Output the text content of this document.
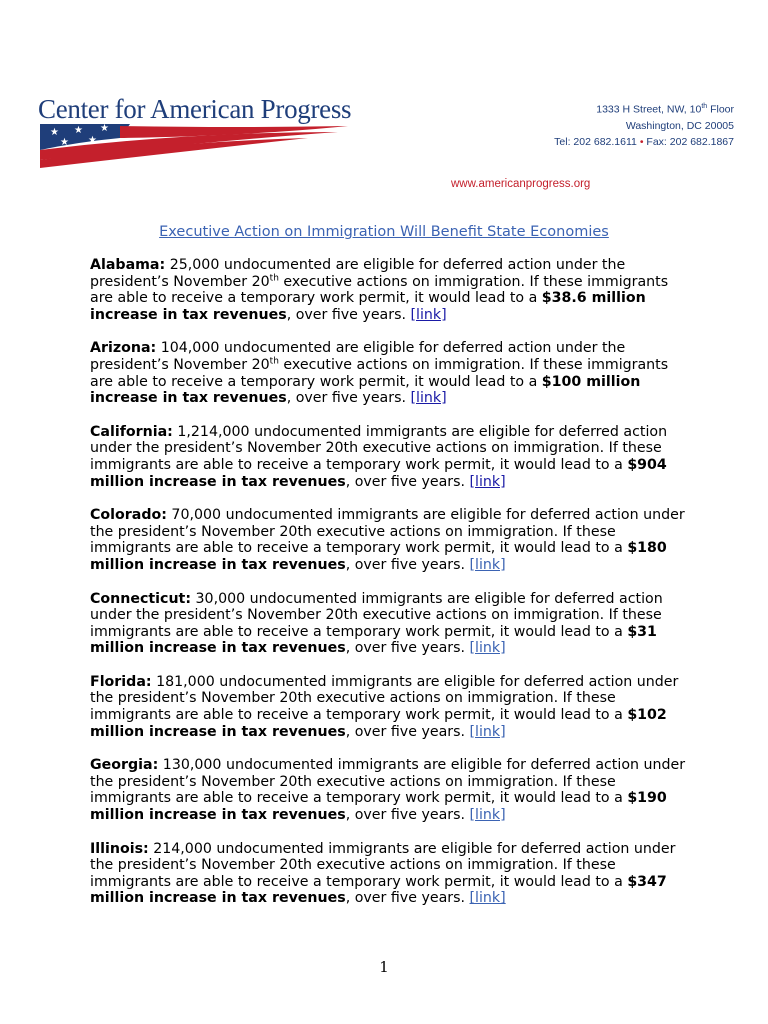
Center for American Progress
★ ★ ★
★ ★
1333 H Street, NW, 10th Floor
Washington, DC 20005
Tel: 202 682.1611 • Fax: 202 682.1867
www.americanprogress.org
Executive Action on Immigration Will Benefit State Economies

Alabama: 25,000 undocumented are eligible for deferred action under the
president’s November 20th executive actions on immigration. If these immigrants
are able to receive a temporary work permit, it would lead to a $38.6 million
increase in tax revenues, over five years. [link]

Arizona: 104,000 undocumented are eligible for deferred action under the
president’s November 20th executive actions on immigration. If these immigrants
are able to receive a temporary work permit, it would lead to a $100 million
increase in tax revenues, over five years. [link]

California: 1,214,000 undocumented immigrants are eligible for deferred action
under the president’s November 20th executive actions on immigration. If these
immigrants are able to receive a temporary work permit, it would lead to a $904
million increase in tax revenues, over five years. [link]

Colorado: 70,000 undocumented immigrants are eligible for deferred action under
the president’s November 20th executive actions on immigration. If these
immigrants are able to receive a temporary work permit, it would lead to a $180
million increase in tax revenues, over five years. [link]

Connecticut: 30,000 undocumented immigrants are eligible for deferred action
under the president’s November 20th executive actions on immigration. If these
immigrants are able to receive a temporary work permit, it would lead to a $31
million increase in tax revenues, over five years. [link]

Florida: 181,000 undocumented immigrants are eligible for deferred action under
the president’s November 20th executive actions on immigration. If these
immigrants are able to receive a temporary work permit, it would lead to a $102
million increase in tax revenues, over five years. [link]

Georgia: 130,000 undocumented immigrants are eligible for deferred action under
the president’s November 20th executive actions on immigration. If these
immigrants are able to receive a temporary work permit, it would lead to a $190
million increase in tax revenues, over five years. [link]

Illinois: 214,000 undocumented immigrants are eligible for deferred action under
the president’s November 20th executive actions on immigration. If these
immigrants are able to receive a temporary work permit, it would lead to a $347
million increase in tax revenues, over five years. [link]

1
